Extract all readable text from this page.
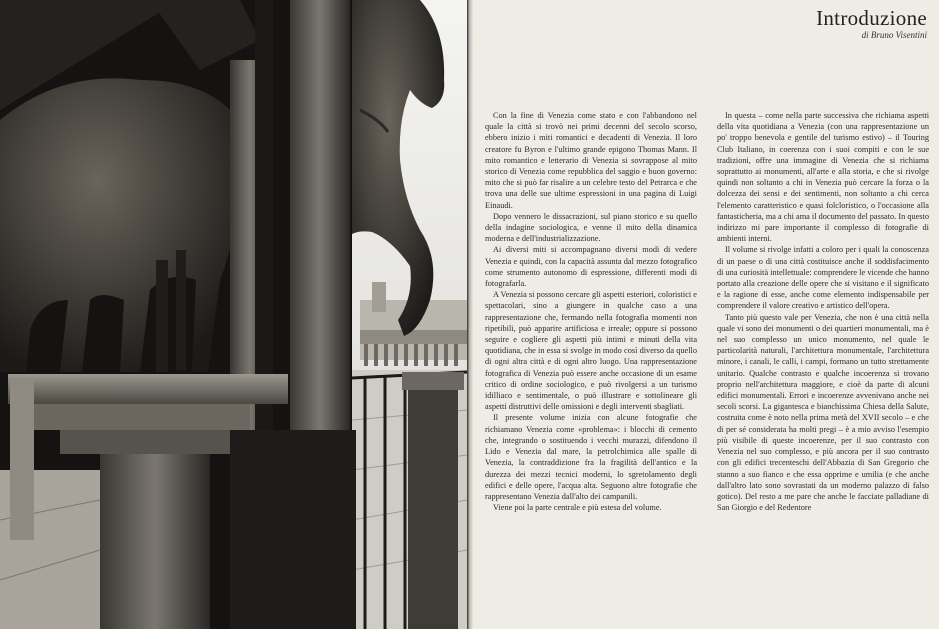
Introduzione
di Bruno Visentini

Con la fine di Venezia come stato e con l'abbandono nel quale la città si trovò nei primi decenni del secolo scorso, ebbero inizio i miti romantici e decadenti di Venezia. Il loro creatore fu Byron e l'ultimo grande epigono Thomas Mann. Il mito romantico e letterario di Venezia si sovrappose al mito storico di Venezia come repubblica del saggio e buon governo: mito che si può far risalire a un celebre testo del Petrarca e che trova una delle sue ultime espressioni in una pagina di Luigi Einaudi.

Dopo vennero le dissacrazioni, sul piano storico e su quello della indagine sociologica, e venne il mito della dinamica moderna e dell'industrializzazione.

Ai diversi miti si accompagnano diversi modi di vedere Venezia e quindi, con la capacità assunta dal mezzo fotografico come strumento autonomo di espressione, differenti modi di fotografarla.

A Venezia si possono cercare gli aspetti esteriori, coloristici e spettacolari, sino a giungere in qualche caso a una rappresentazione che, fermando nella fotografia momenti non ripetibili, può apparire artificiosa e irreale; oppure si possono seguire e cogliere gli aspetti più intimi e minuti della vita quotidiana, che in essa si svolge in modo così diverso da quello di ogni altra città e di ogni altro luogo. Una rappresentazione fotografica di Venezia può essere anche occasione di un esame critico di ordine sociologico, e può rivolgersi a un turismo idilliaco e sentimentale, o può illustrare e sottolineare gli aspetti distruttivi delle omissioni e degli interventi sbagliati.

Il presente volume inizia con alcune fotografie che richiamano Venezia come «problema»: i blocchi di cemento che, integrando o sostituendo i vecchi murazzi, difendono il Lido e Venezia dal mare, la petrolchimica alle spalle di Venezia, la contraddizione fra la fragilità dell'antico e la durezza dei mezzi tecnici moderni, lo sgretolamento degli edifici e delle opere, l'acqua alta. Seguono altre fotografie che rappresentano Venezia dall'alto dei campanili.

Viene poi la parte centrale e più estesa del volume.

In questa – come nella parte successiva che richiama aspetti della vita quotidiana a Venezia (con una rappresentazione un po' troppo benevola e gentile del turismo estivo) – il Touring Club Italiano, in coerenza con i suoi compiti e con le sue tradizioni, offre una immagine di Venezia che si richiama soprattutto ai monumenti, all'arte e alla storia, e che si rivolge quindi non soltanto a chi in Venezia può cercare la forza o la dolcezza dei sensi e dei sentimenti, non soltanto a chi cerca l'elemento caratteristico e quasi folcloristico, o l'occasione alla fantasticheria, ma a chi ama il documento del passato. In questo indirizzo mi pare importante il complesso di fotografie di ambienti interni.

Il volume si rivolge infatti a coloro per i quali la conoscenza di un paese o di una città costituisce anche il soddisfacimento di una curiosità intellettuale: comprendere le vicende che hanno portato alla creazione delle opere che si visitano e il significato e la ragione di esse, anche come elemento indispensabile per comprendere il valore creativo e artistico dell'opera.

Tanto più questo vale per Venezia, che non è una città nella quale vi sono dei monumenti o dei quartieri monumentali, ma è nel suo complesso un unico monumento, nel quale le particolarità naturali, l'architettura monumentale, l'architettura minore, i canali, le calli, i campi, formano un tutto strettamente unitario. Qualche contrasto e qualche incoerenza si trovano proprio nell'architettura maggiore, e cioè da parte di alcuni edifici monumentali. Errori e incoerenze avvenivano anche nei secoli scorsi. La gigantesca e bianchissima Chiesa della Salute, costruita come è noto nella prima metà del XVII secolo – e che di per sé considerata ha molti pregi – è a mio avviso l'esempio più visibile di queste incoerenze, per il suo contrasto con Venezia nel suo complesso, e più ancora per il suo contrasto con gli edifici trecenteschi dell'Abbazia di San Gregorio che stanno a suo fianco e che essa opprime e umilia (e che anche dall'altro lato sono sovrastati da un moderno palazzo di falso gotico). Del resto a me pare che anche le facciate palladiane di San Giorgio e del Redentore
